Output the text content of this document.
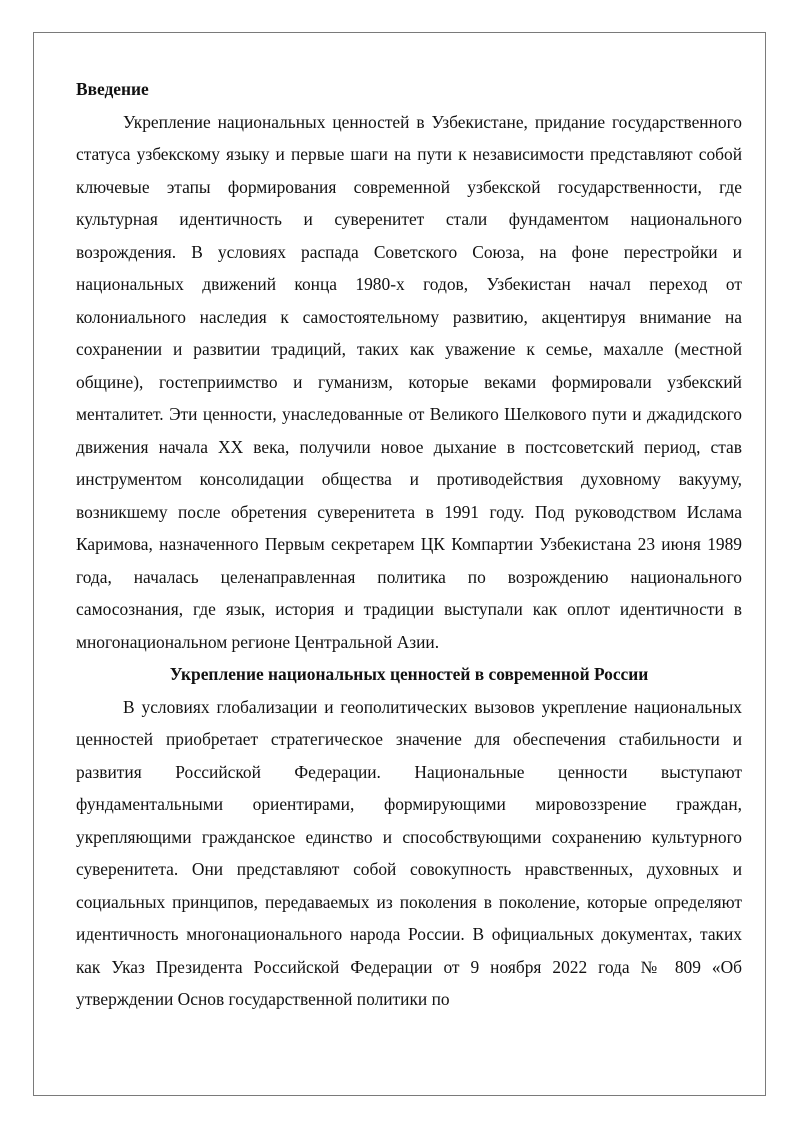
Введение

Укрепление национальных ценностей в Узбекистане, придание государственного статуса узбекскому языку и первые шаги на пути к независимости представляют собой ключевые этапы формирования современной узбекской государственности, где культурная идентичность и суверенитет стали фундаментом национального возрождения. В условиях распада Советского Союза, на фоне перестройки и национальных движений конца 1980-х годов, Узбекистан начал переход от колониального наследия к самостоятельному развитию, акцентируя внимание на сохранении и развитии традиций, таких как уважение к семье, махалле (местной общине), гостеприимство и гуманизм, которые веками формировали узбекский менталитет. Эти ценности, унаследованные от Великого Шелкового пути и джадидского движения начала XX века, получили новое дыхание в постсоветский период, став инструментом консолидации общества и противодействия духовному вакууму, возникшему после обретения суверенитета в 1991 году. Под руководством Ислама Каримова, назначенного Первым секретарем ЦК Компартии Узбекистана 23 июня 1989 года, началась целенаправленная политика по возрождению национального самосознания, где язык, история и традиции выступали как оплот идентичности в многонациональном регионе Центральной Азии.

Укрепление национальных ценностей в современной России

В условиях глобализации и геополитических вызовов укрепление национальных ценностей приобретает стратегическое значение для обеспечения стабильности и развития Российской Федерации. Национальные ценности выступают фундаментальными ориентирами, формирующими мировоззрение граждан, укрепляющими гражданское единство и способствующими сохранению культурного суверенитета. Они представляют собой совокупность нравственных, духовных и социальных принципов, передаваемых из поколения в поколение, которые определяют идентичность многонационального народа России. В официальных документах, таких как Указ Президента Российской Федерации от 9 ноября 2022 года № 809 «Об утверждении Основ государственной политики по
